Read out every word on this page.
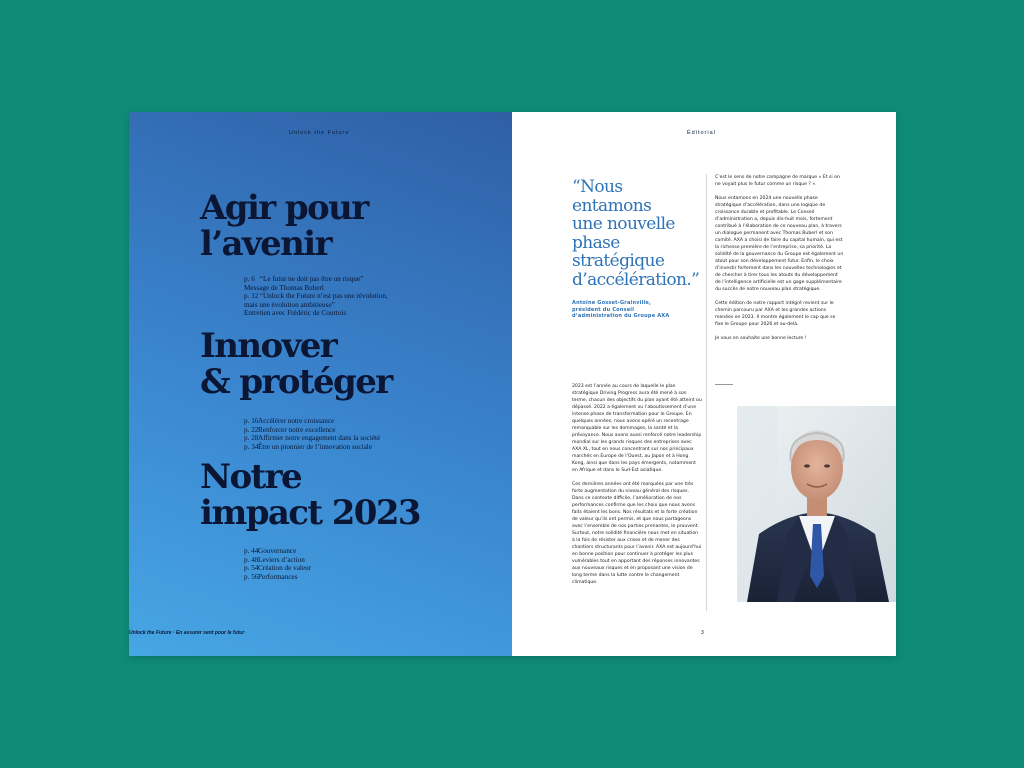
Unlock the Future
Agir pour
l’avenir
p. 6 “Le futur ne doit pas être un risque”
Message de Thomas Buberl
p. 12 “Unlock the Future n’est pas une révolution,
mais une évolution ambitieuse”
Entretien avec Frédéric de Courtois
Innover
& protéger
p. 16Accélérer notre croissance
p. 22Renforcer notre excellence
p. 28Affirmer notre engagement dans la société
p. 34Être un pionnier de l’innovation sociale
Notre
impact 2023
p. 44Gouvernance
p. 48Leviers d’action
p. 54Création de valeur
p. 56Performances
Unlock the Future · En assurer sent pour le futur
Éditorial
“Nous
entamons
une nouvelle
phase
stratégique
d’accélération.”
Antoine Gosset-Grainville,
président du Conseil
d’administration du Groupe AXA

2023 est l’année au cours de laquelle le plan stratégique Driving Progress aura été mené à son terme, chacun des objectifs du plan ayant été atteint ou dépassé. 2022 a également vu l’aboutissement d’une intense phase de transformation pour le Groupe. En quelques années, nous avons opéré un recentrage remarquable sur les dommages, la santé et la prévoyance. Nous avons aussi renforcé notre leadership mondial sur les grands risques des entreprises avec AXA XL, tout en nous concentrant sur nos principaux marchés en Europe de l’Ouest, au Japon et à Hong Kong, ainsi que dans les pays émergents, notamment en Afrique et dans le Sud-Est asiatique.

Ces dernières années ont été marquées par une très forte augmentation du niveau général des risques. Dans ce contexte difficile, l’amélioration de nos performances confirme que les choix que nous avons faits étaient les bons. Nos résultats et la forte création de valeur qu’ils ont permis, et que nous partageons avec l’ensemble de nos parties prenantes, le prouvent. Surtout, notre solidité financière nous met en situation à la fois de résister aux crises et de mener des chantiers structurants pour l’avenir. AXA est aujourd’hui en bonne position pour continuer à protéger les plus vulnérables tout en apportant des réponses innovantes aux nouveaux risques et en proposant une vision de long terme dans la lutte contre le changement climatique.

C’est le sens de notre campagne de marque « Et si on ne voyait plus le futur comme un risque ? ».

Nous entamons en 2024 une nouvelle phase stratégique d’accélération, dans une logique de croissance durable et profitable. Le Conseil d’administration a, depuis dix-huit mois, fortement contribué à l’élaboration de ce nouveau plan, à travers un dialogue permanent avec Thomas Buberl et son comité. AXA a choisi de faire du capital humain, qui est la richesse première de l’entreprise, sa priorité. La solidité de la gouvernance du Groupe est également un atout pour son développement futur. Enfin, le choix d’investir fortement dans les nouvelles technologies et de chercher à tirer tous les atouts du développement de l’intelligence artificielle est un gage supplémentaire du succès de notre nouveau plan stratégique.

Cette édition de notre rapport intégré revient sur le chemin parcouru par AXA et les grandes actions menées en 2023. Il montre également le cap que se fixe le Groupe pour 2026 et au-delà.

Je vous en souhaite une bonne lecture !

3
